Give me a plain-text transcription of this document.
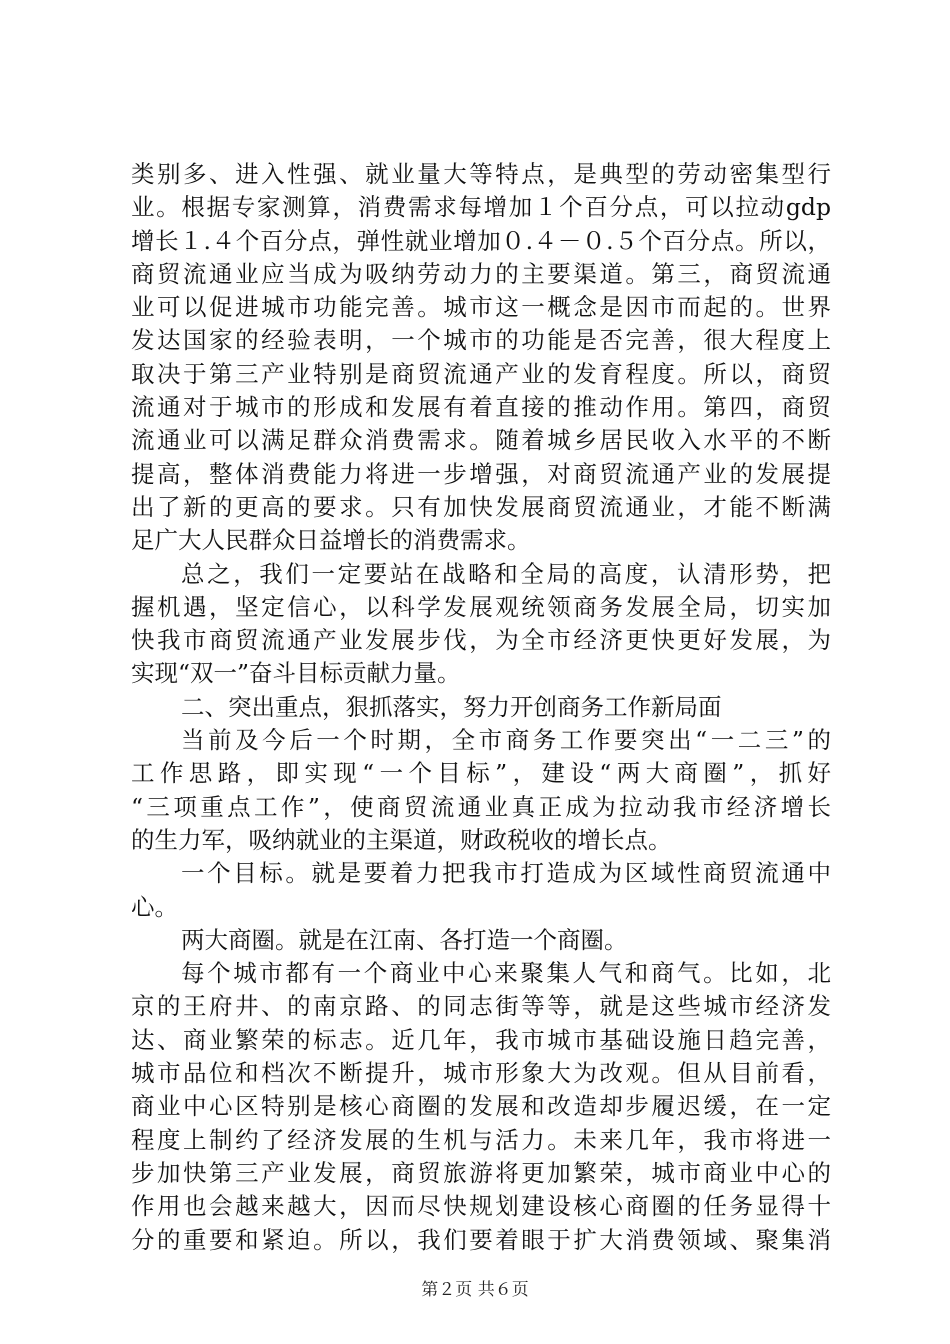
类别多、进入性强、就业量大等特点，是典型的劳动密集型行
业。根据专家测算，消费需求每增加１个百分点，可以拉动gdp
增长１.４个百分点，弹性就业增加０.４－０.５个百分点。所以，
商贸流通业应当成为吸纳劳动力的主要渠道。第三，商贸流通
业可以促进城市功能完善。城市这一概念是因市而起的。世界
发达国家的经验表明，一个城市的功能是否完善，很大程度上
取决于第三产业特别是商贸流通产业的发育程度。所以，商贸
流通对于城市的形成和发展有着直接的推动作用。第四，商贸
流通业可以满足群众消费需求。随着城乡居民收入水平的不断
提高，整体消费能力将进一步增强，对商贸流通产业的发展提
出了新的更高的要求。只有加快发展商贸流通业，才能不断满
足广大人民群众日益增长的消费需求。
总之，我们一定要站在战略和全局的高度，认清形势，把
握机遇，坚定信心，以科学发展观统领商务发展全局，切实加
快我市商贸流通产业发展步伐，为全市经济更快更好发展，为
实现“双一”奋斗目标贡献力量。
二、突出重点，狠抓落实，努力开创商务工作新局面
当前及今后一个时期，全市商务工作要突出“一二三”的
工作思路，即实现“一个目标”，建设“两大商圈”，抓好
“三项重点工作”，使商贸流通业真正成为拉动我市经济增长
的生力军，吸纳就业的主渠道，财政税收的增长点。
一个目标。就是要着力把我市打造成为区域性商贸流通中
心。
两大商圈。就是在江南、各打造一个商圈。
每个城市都有一个商业中心来聚集人气和商气。比如，北
京的王府井、的南京路、的同志街等等，就是这些城市经济发
达、商业繁荣的标志。近几年，我市城市基础设施日趋完善，
城市品位和档次不断提升，城市形象大为改观。但从目前看，
商业中心区特别是核心商圈的发展和改造却步履迟缓，在一定
程度上制约了经济发展的生机与活力。未来几年，我市将进一
步加快第三产业发展，商贸旅游将更加繁荣，城市商业中心的
作用也会越来越大，因而尽快规划建设核心商圈的任务显得十
分的重要和紧迫。所以，我们要着眼于扩大消费领域、聚集消
第２页 共６页
